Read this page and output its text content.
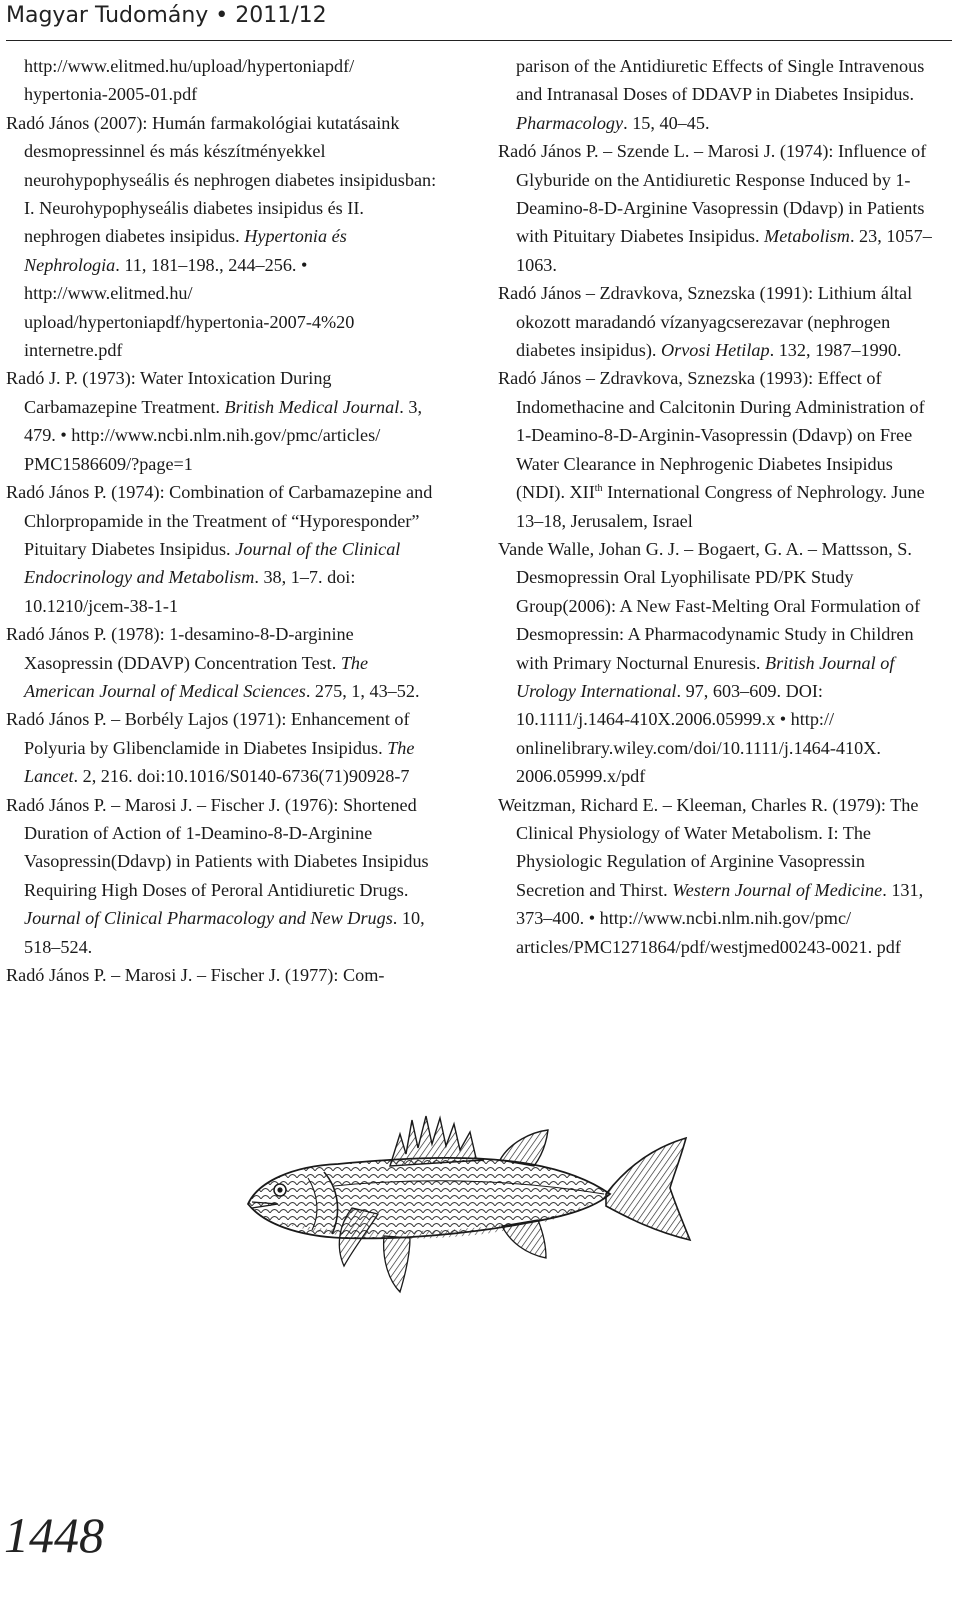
Magyar Tudomány • 2011/12

http://www.elitmed.hu/upload/hypertoniapdf/ hypertonia-2005-01.pdf

Radó János (2007): Humán farmakológiai kutatásaink desmopressinnel és más készítményekkel neurohypophyseális és nephrogen diabetes insipidusban: I. Neurohypophyseális diabetes insipidus és II. nephrogen diabetes insipidus. Hypertonia és Nephrologia. 11, 181–198., 244–256. • http://www.elitmed.hu/ upload/hypertoniapdf/hypertonia-2007-4%20 internetre.pdf

Radó J. P. (1973): Water Intoxication During Carbamazepine Treatment. British Medical Journal. 3, 479. • http://www.ncbi.nlm.nih.gov/pmc/articles/ PMC1586609/?page=1

Radó János P. (1974): Combination of Carbamazepine and Chlorpropamide in the Treatment of “Hyporesponder” Pituitary Diabetes Insipidus. Journal of the Clinical Endocrinology and Metabolism. 38, 1–7. doi: 10.1210/jcem-38-1-1

Radó János P. (1978): 1-desamino-8-D-arginine Xasopressin (DDAVP) Concentration Test. The American Journal of Medical Sciences. 275, 1, 43–52.

Radó János P. – Borbély Lajos (1971): Enhancement of Polyuria by Glibenclamide in Diabetes Insipidus. The Lancet. 2, 216. doi:10.1016/S0140-6736(71)90928-7

Radó János P. – Marosi J. – Fischer J. (1976): Shortened Duration of Action of 1-Deamino-8-D-Arginine Vasopressin(Ddavp) in Patients with Diabetes Insipidus Requiring High Doses of Peroral Antidiuretic Drugs. Journal of Clinical Pharmacology and New Drugs. 10, 518–524.

Radó János P. – Marosi J. – Fischer J. (1977): Com-

parison of the Antidiuretic Effects of Single Intravenous and Intranasal Doses of DDAVP in Diabetes Insipidus. Pharmacology. 15, 40–45.

Radó János P. – Szende L. – Marosi J. (1974): Influence of Glyburide on the Antidiuretic Response Induced by 1-Deamino-8-D-Arginine Vasopressin (Ddavp) in Patients with Pituitary Diabetes Insipidus. Metabolism. 23, 1057–1063.

Radó János – Zdravkova, Sznezska (1991): Lithium által okozott maradandó vízanyagcserezavar (nephrogen diabetes insipidus). Orvosi Hetilap. 132, 1987–1990.

Radó János – Zdravkova, Sznezska (1993): Effect of Indomethacine and Calcitonin During Administration of 1-Deamino-8-D-Arginin-Vasopressin (Ddavp) on Free Water Clearance in Nephrogenic Diabetes Insipidus (NDI). XIIth International Congress of Nephrology. June 13–18, Jerusalem, Israel

Vande Walle, Johan G. J. – Bogaert, G. A. – Mattsson, S. Desmopressin Oral Lyophilisate PD/PK Study Group(2006): A New Fast-Melting Oral Formulation of Desmopressin: A Pharmacodynamic Study in Children with Primary Nocturnal Enuresis. British Journal of Urology International. 97, 603–609. DOI: 10.1111/j.1464-410X.2006.05999.x • http:// onlinelibrary.wiley.com/doi/10.1111/j.1464-410X. 2006.05999.x/pdf

Weitzman, Richard E. – Kleeman, Charles R. (1979): The Clinical Physiology of Water Metabolism. I: The Physiologic Regulation of Arginine Vasopressin Secretion and Thirst. Western Journal of Medicine. 131, 373–400. • http://www.ncbi.nlm.nih.gov/pmc/ articles/PMC1271864/pdf/westjmed00243-0021. pdf

1448
